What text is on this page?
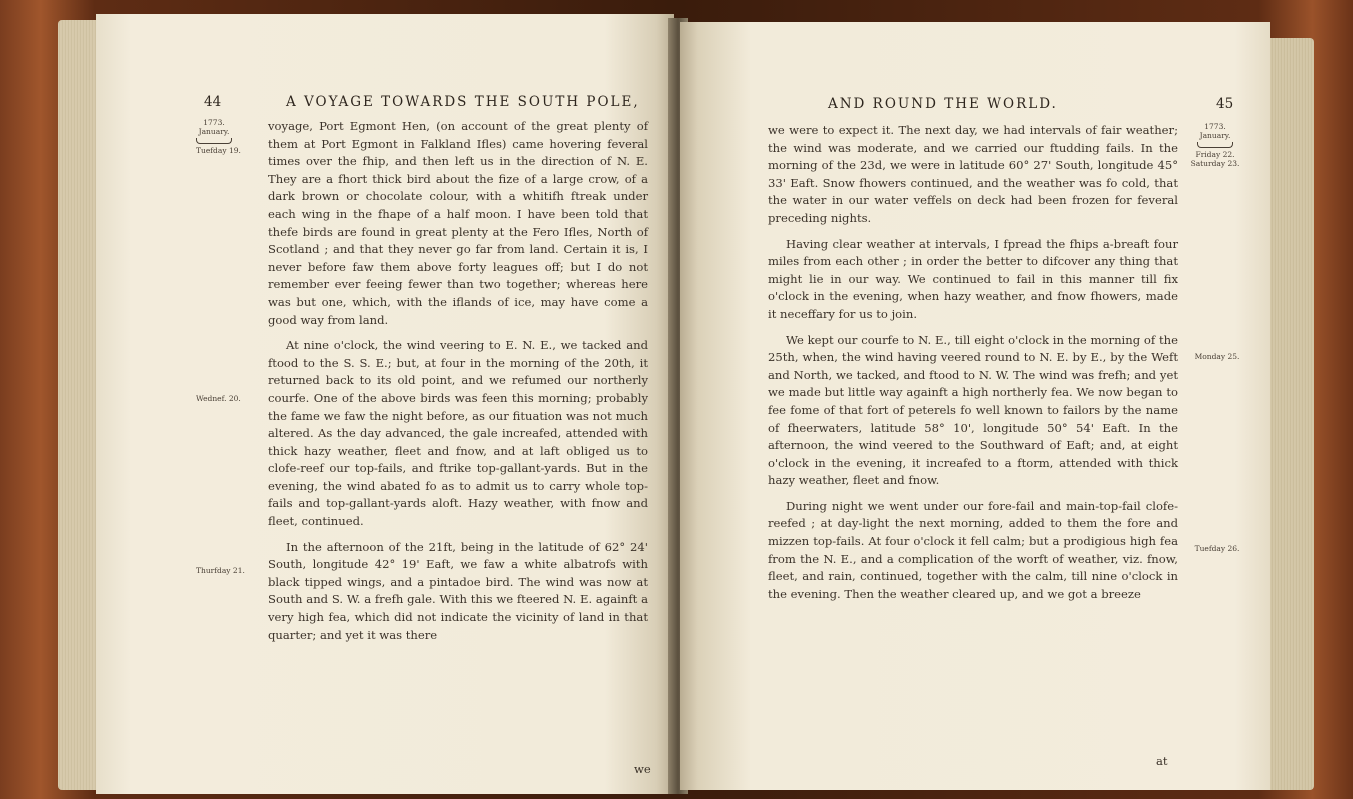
44	A VOYAGE TOWARDS THE SOUTH POLE,
1773.
January.
Tuefday 19.
Wednef. 20.
Thurfday 21.

voyage, Port Egmont Hen, (on account of the great plenty of them at Port Egmont in Falkland Ifles) came hovering feveral times over the fhip, and then left us in the direction of N. E. They are a fhort thick bird about the fize of a large crow, of a dark brown or chocolate colour, with a whitifh ftreak under each wing in the fhape of a half moon. I have been told that thefe birds are found in great plenty at the Fero Ifles, North of Scotland ; and that they never go far from land. Certain it is, I never before faw them above forty leagues off; but I do not remember ever feeing fewer than two together; whereas here was but one, which, with the iflands of ice, may have come a good way from land.

At nine o'clock, the wind veering to E. N. E., we tacked and ftood to the S. S. E.; but, at four in the morning of the 20th, it returned back to its old point, and we refumed our northerly courfe. One of the above birds was feen this morning; probably the fame we faw the night before, as our fituation was not much altered. As the day advanced, the gale increafed, attended with thick hazy weather, fleet and fnow, and at laft obliged us to clofe-reef our top-fails, and ftrike top-gallant-yards. But in the evening, the wind abated fo as to admit us to carry whole top-fails and top-gallant-yards aloft. Hazy weather, with fnow and fleet, continued.

In the afternoon of the 21ft, being in the latitude of 62° 24' South, longitude 42° 19' Eaft, we faw a white albatrofs with black tipped wings, and a pintadoe bird. The wind was now at South and S. W. a frefh gale. With this we fteered N. E. againft a very high fea, which did not indicate the vicinity of land in that quarter; and yet it was there

we
AND ROUND THE WORLD.	45

we were to expect it. The next day, we had intervals of fair weather; the wind was moderate, and we carried our ftudding fails. In the morning of the 23d, we were in latitude 60° 27' South, longitude 45° 33' Eaft. Snow fhowers continued, and the weather was fo cold, that the water in our water veffels on deck had been frozen for feveral preceding nights.

Having clear weather at intervals, I fpread the fhips a-breaft four miles from each other ; in order the better to difcover any thing that might lie in our way. We continued to fail in this manner till fix o'clock in the evening, when hazy weather, and fnow fhowers, made it neceffary for us to join.

We kept our courfe to N. E., till eight o'clock in the morning of the 25th, when, the wind having veered round to N. E. by E., by the Weft and North, we tacked, and ftood to N. W. The wind was frefh; and yet we made but little way againft a high northerly fea. We now began to fee fome of that fort of peterels fo well known to failors by the name of fheerwaters, latitude 58° 10', longitude 50° 54' Eaft. In the afternoon, the wind veered to the Southward of Eaft; and, at eight o'clock in the evening, it increafed to a ftorm, attended with thick hazy weather, fleet and fnow.

During night we went under our fore-fail and main-top-fail clofe-reefed ; at day-light the next morning, added to them the fore and mizzen top-fails. At four o'clock it fell calm; but a prodigious high fea from the N. E., and a complication of the worft of weather, viz. fnow, fleet, and rain, continued, together with the calm, till nine o'clock in the evening. Then the weather cleared up, and we got a breeze

1773.
January.
Friday 22. Saturday 23.
Monday 25.
Tuefday 26.
at
